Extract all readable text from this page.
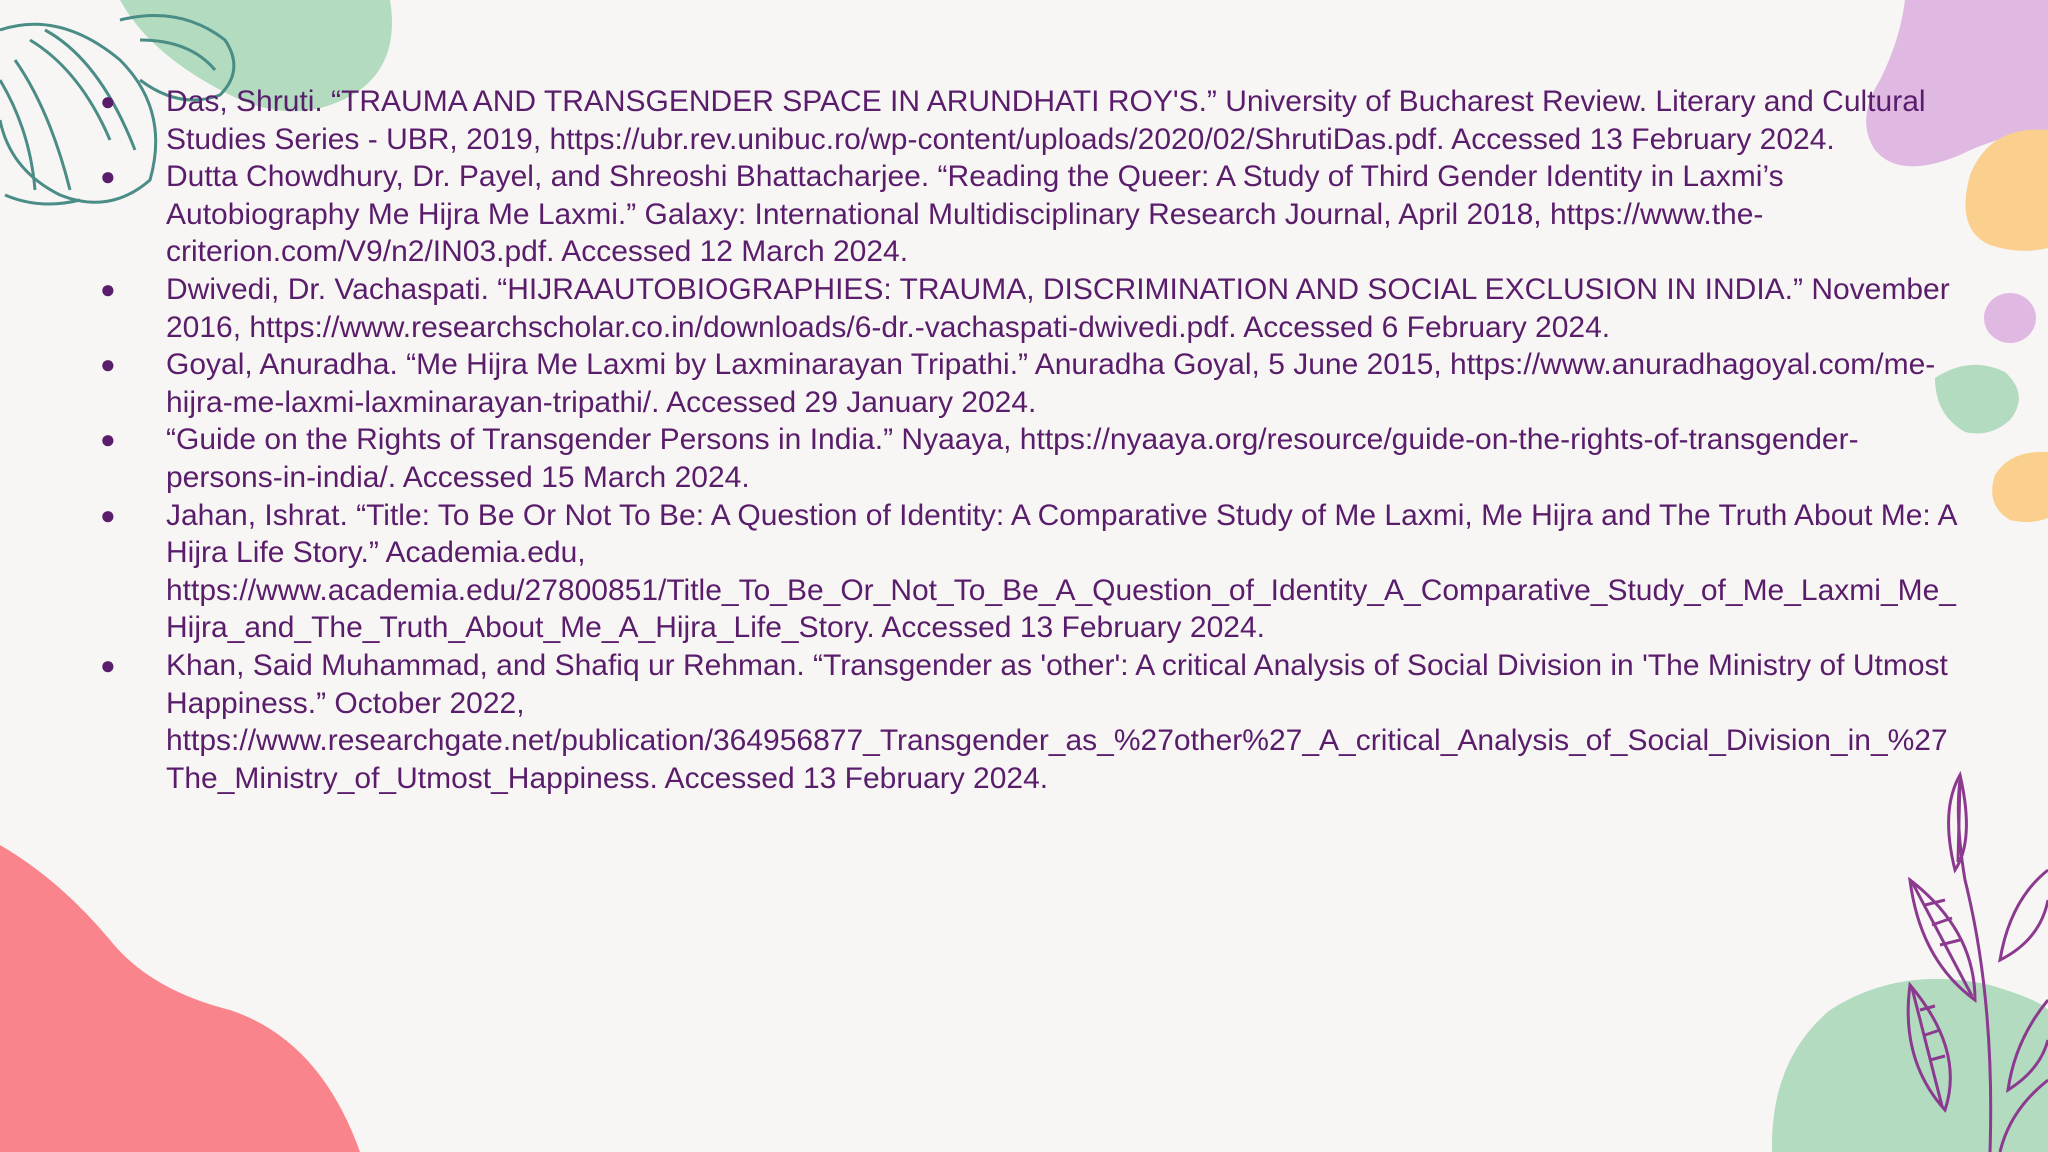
●	Das, Shruti. “TRAUMA AND TRANSGENDER SPACE IN ARUNDHATI ROY'S.” University of Bucharest Review. Literary and Cultural Studies Series - UBR, 2019, https://ubr.rev.unibuc.ro/wp-content/uploads/2020/02/ShrutiDas.pdf. Accessed 13 February 2024.
●	Dutta Chowdhury, Dr. Payel, and Shreoshi Bhattacharjee. “Reading the Queer: A Study of Third Gender Identity in Laxmi’s Autobiography Me Hijra Me Laxmi.” Galaxy: International Multidisciplinary Research Journal, April 2018, https://www.the-criterion.com/V9/n2/IN03.pdf. Accessed 12 March 2024.
●	Dwivedi, Dr. Vachaspati. “HIJRAAUTOBIOGRAPHIES: TRAUMA, DISCRIMINATION AND SOCIAL EXCLUSION IN INDIA.” November 2016, https://www.researchscholar.co.in/downloads/6-dr.-vachaspati-dwivedi.pdf. Accessed 6 February 2024.
●	Goyal, Anuradha. “Me Hijra Me Laxmi by Laxminarayan Tripathi.” Anuradha Goyal, 5 June 2015, https://www.anuradhagoyal.com/me-hijra-me-laxmi-laxminarayan-tripathi/. Accessed 29 January 2024.
●	“Guide on the Rights of Transgender Persons in India.” Nyaaya, https://nyaaya.org/resource/guide-on-the-rights-of-transgender-persons-in-india/. Accessed 15 March 2024.
●	Jahan, Ishrat. “Title: To Be Or Not To Be: A Question of Identity: A Comparative Study of Me Laxmi, Me Hijra and The Truth About Me: A Hijra Life Story.” Academia.edu, https://www.academia.edu/27800851/Title_To_Be_Or_Not_To_Be_A_Question_of_Identity_A_Comparative_Study_of_Me_Laxmi_Me_Hijra_and_The_Truth_About_Me_A_Hijra_Life_Story. Accessed 13 February 2024.
●	Khan, Said Muhammad, and Shafiq ur Rehman. “Transgender as 'other': A critical Analysis of Social Division in 'The Ministry of Utmost Happiness.” October 2022, https://www.researchgate.net/publication/364956877_Transgender_as_%27other%27_A_critical_Analysis_of_Social_Division_in_%27The_Ministry_of_Utmost_Happiness. Accessed 13 February 2024.
